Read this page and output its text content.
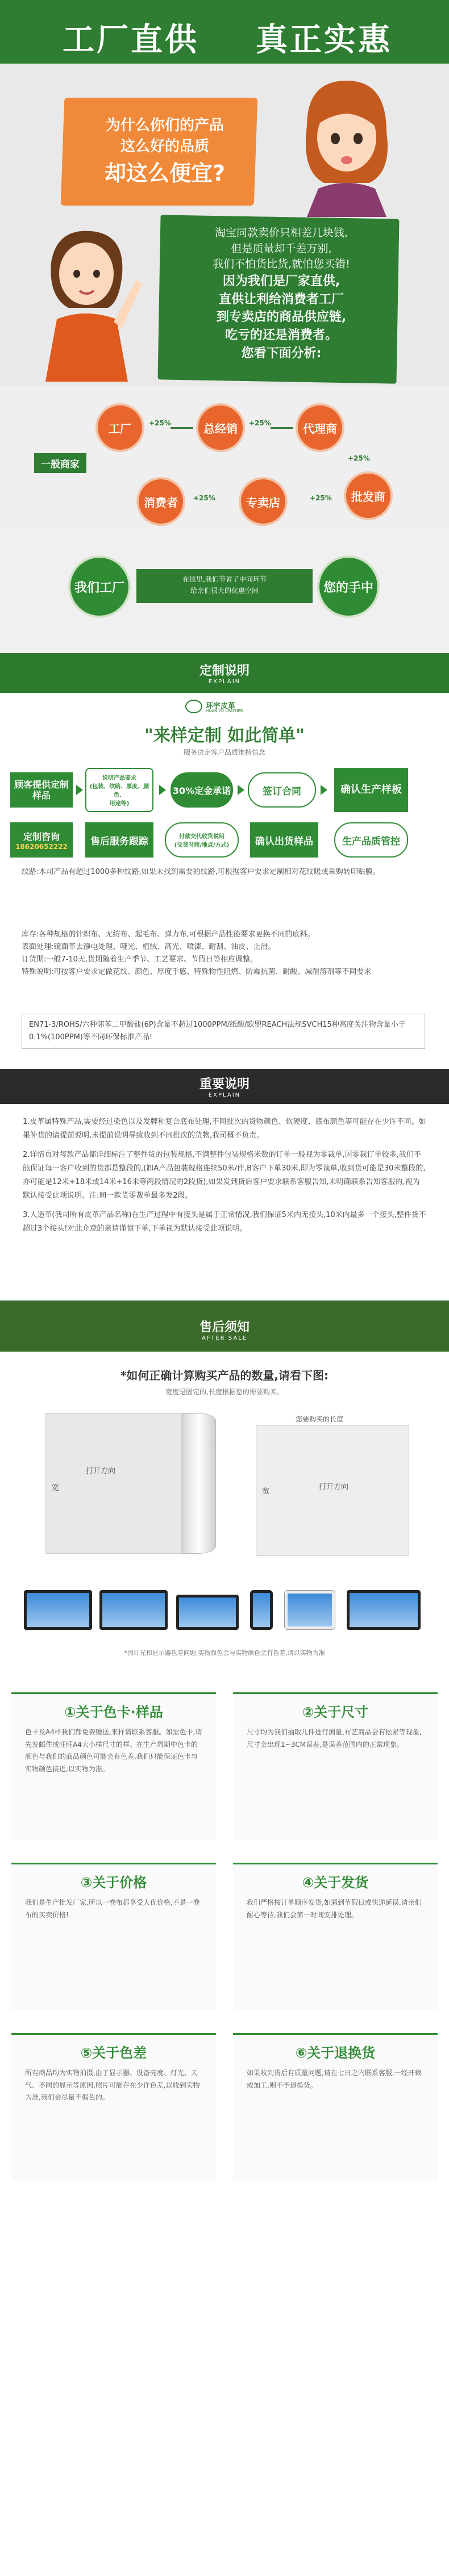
工厂直供 真正实惠
为什么你们的产品
这么好的品质
却这么便宜?
淘宝同款卖价只相差几块钱,
但是质量却千差万别,
我们不怕货比货,就怕您买错!
因为我们是厂家直供,
直供让利给消费者工厂
到专卖店的商品供应链,
吃亏的还是消费者。
您看下面分析:
工厂	+25%	总经销	+25%	代理商
+25%
批发商
+25%
专卖店
+25%
消费者
一般商家
我们工厂
在这里,我们节省了中间环节
给亲们很大的优惠空间	您的手中
定制说明
EXPLAIN
环宇皮革
HUAN YU LEATHER
"来样定制 如此简单"
服务决定客户品质维持信念
顾客提供定制样品
说明产品要求
(包装、纹路、厚度、颜色、
用途等)
30%定金承诺	签订合同	确认生产样板
定制咨询
18620652222	售后服务跟踪	付款交代收货说明
(交货时间/地点/方式)	确认出货样品	生产品质管控
纹路:本司产品有超过1000多种纹路,如果未找到需要的纹路,可根据客户要求定制相对花纹暖或采购转印贴膜。
库存:各种规格的针织布、无纺布、起毛布、弹力布,可根据产品性能要求更换不同的底料。
表面处理:镜面革去静电处理、哑光、植绒、高光、喷漆、耐刮、油皮、止滑。
订货期:一般7-10天,货期随着生产季节、工艺要求、节假日等相应调整。
特殊说明:可按客户要求定做花纹、颜色、厚度手感、特殊物性阻燃、防霉抗菌、耐酸、减耐溶剂等不同要求
EN71-3/ROHS/六种邻苯二甲酸盐(6P)含量不超过1000PPM/纸酸/欧盟REACH法规SVCH15种高度关注物含量小于0.1%(100PPM)等不同环保标准产品!
重要说明
EXPLAIN
1.皮革属特殊产品,需要经过染色以及发牌和复合底布处理,不同批次的货物颜色、软硬度、底布颜色等可能存在少许不同。如果补货的请提前说明,未提前说明导致收到不同批次的货物,我司概不负责。
2.详情页对每款产品都详细标注了整件货的包装规格,不满整件包装规格米数的订单一般视为零裁单,因零裁订单较多,我们不能保证每一客户收到的货都是整段的,(卸A产品包装规格连续50米/件,B客户下单30米,即为零裁单,收到货可能是30米整段的,亦可能是12米+18米或14米+16米等两段情况的2段货),如果发到货后客户要求联系客服告知,未明确联系告知客服的,视为默认接受此项说明。注:同一款货零裁单最多发2段。
3.人造革(我司所有皮革产品名称)在生产过程中有接头是属于正常情况,我们保证5米内无接头,10米内最多一个接头,整件货不超过3个接头!对此介意的亲请谨慎下单,下单视为默认接受此项说明。
售后须知
AFTER SALE
*如何正确计算购买产品的数量,请看下图:
宽度是固定的,长度根据您的需要购买。
打开方向
宽
您要购买的长度
打开方向
宽
*因灯光和显示器色差问题,实物颜色会与实物颜色会有色差,请以实物为准
①关于色卡·样品

色卡及A4样我们都免费赠送,来样请联系客服。如需色卡,请先发邮件或旺旺A4大小样尺寸的样。在生产周期中色卡的颜色与我们的商品颜色可能会有色差,我们只能保证色卡与实物颜色接近,以实物为准。

②关于尺寸

尺寸均为我们抽取几件进行测量,布艺商品会有松紧等现象,尺寸会出现1~3CM误差,是误差范围内的正常现象。

③关于价格

我们是生产批发厂家,所以一卷布都享受大优价格,不是一卷布的买卖价格!

④关于发货

我们严格按订单顺序发货,如遇到节假日或快递延误,请亲们耐心等待,我们会第一时间安排处理。

⑤关于色差

所有商品均为实物拍摄,由于显示器、设备亮度、灯光、天气、不同的显示等原因,照片可能存在少许色差,以收到实物为准,我们会尽量不偏色的。

⑥关于退换货

如果收到货后有质量问题,请在七日之内联系客服,一经开裁或加工,则不予退换货。
